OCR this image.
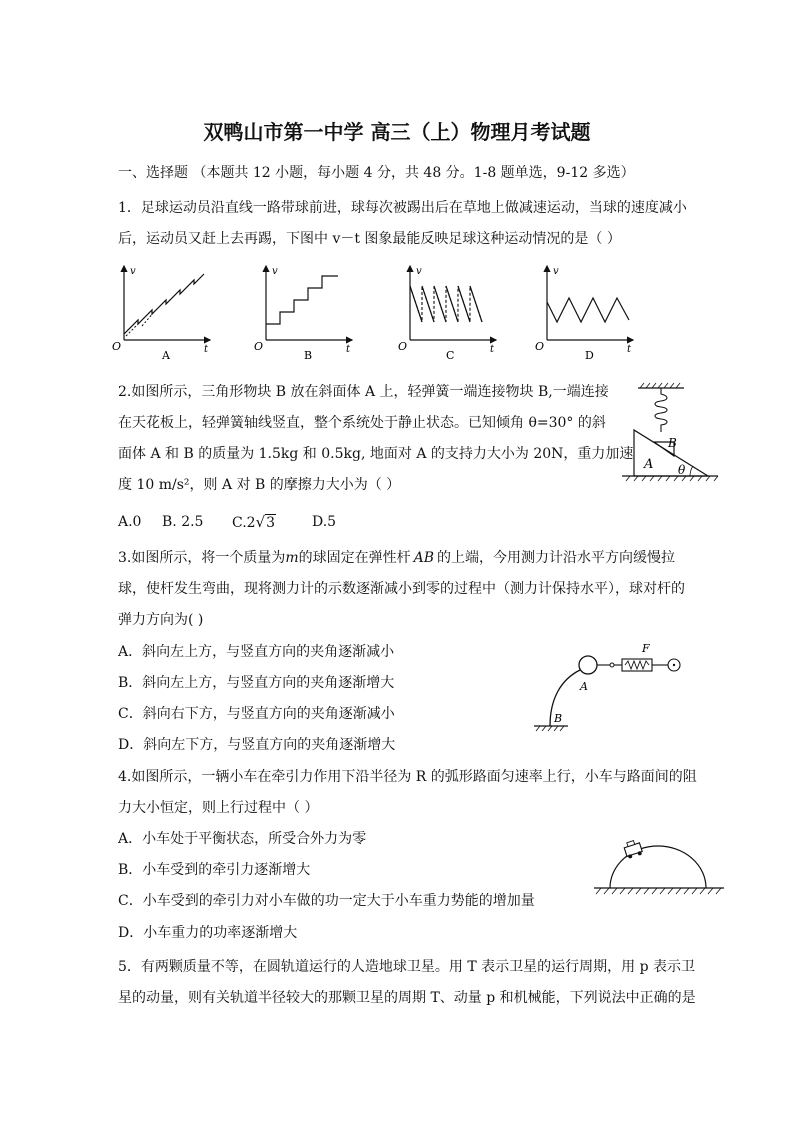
双鸭山市第一中学 高三（上）物理月考试题
一、选择题 （本题共 12 小题，每小题 4 分，共 48 分。1-8 题单选，9-12 多选）
1．足球运动员沿直线一路带球前进，球每次被踢出后在草地上做减速运动，当球的速度减小
后，运动员又赶上去再踢，下图中 v－t 图象最能反映足球这种运动情况的是（ ）
v
O	t
A
v
O	t
B
v
O	t
C
v
O	t
D
2.如图所示，三角形物块 B 放在斜面体 A 上，轻弹簧一端连接物块 B,一端连接
在天花板上，轻弹簧轴线竖直，整个系统处于静止状态。已知倾角 θ=30° 的斜
面体 A 和 B 的质量为 1.5kg 和 0.5kg, 地面对 A 的支持力大小为 20N，重力加速
度 10 m/s²，则 A 对 B 的摩擦力大小为（ ）
A.0 B. 2.5 C.2√3	D.5
A
B
θ
3.如图所示，将一个质量为m的球固定在弹性杆 AB 的上端，今用测力计沿水平方向缓慢拉
球，使杆发生弯曲，现将测力计的示数逐渐减小到零的过程中（测力计保持水平），球对杆的
弹力方向为( )
A．斜向左上方，与竖直方向的夹角逐渐减小
B．斜向左上方，与竖直方向的夹角逐渐增大
C．斜向右下方，与竖直方向的夹角逐渐减小
D．斜向左下方，与竖直方向的夹角逐渐增大
F
A
B
4.如图所示，一辆小车在牵引力作用下沿半径为 R 的弧形路面匀速率上行，小车与路面间的阻
力大小恒定，则上行过程中（ ）
A．小车处于平衡状态，所受合外力为零
B．小车受到的牵引力逐渐增大
C．小车受到的牵引力对小车做的功一定大于小车重力势能的增加量
D．小车重力的功率逐渐增大
5．有两颗质量不等，在圆轨道运行的人造地球卫星。用 T 表示卫星的运行周期，用 p 表示卫
星的动量，则有关轨道半径较大的那颗卫星的周期 T、动量 p 和机械能，下列说法中正确的是
